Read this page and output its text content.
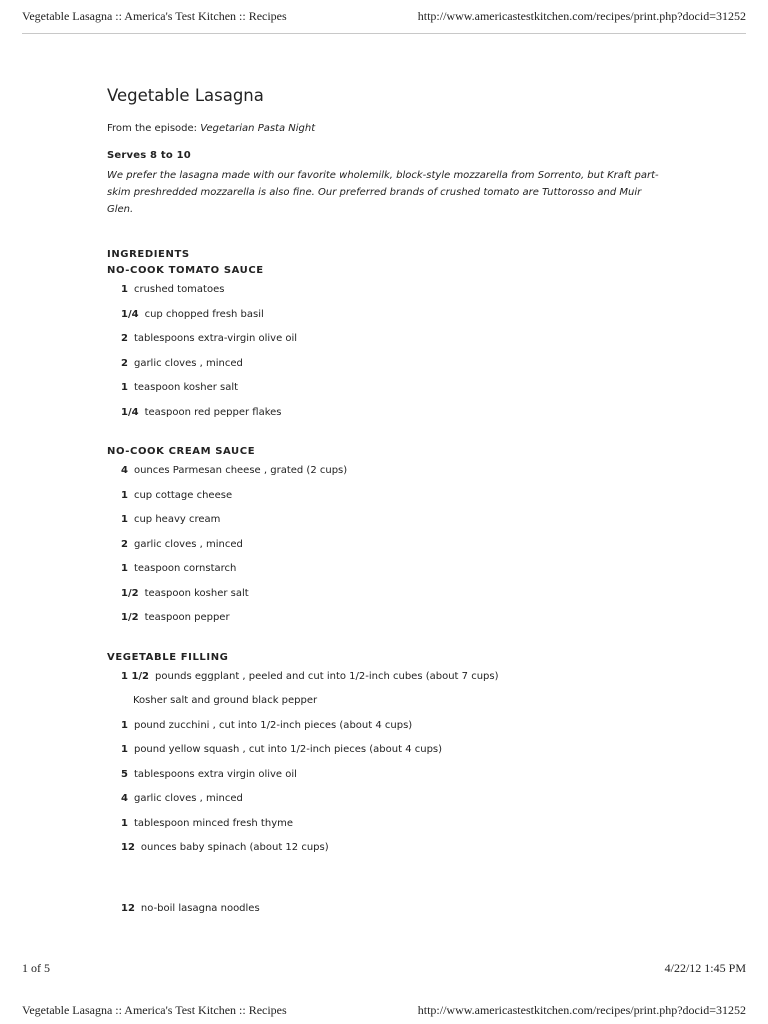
Vegetable Lasagna :: America's Test Kitchen :: Recipes	http://www.americastestkitchen.com/recipes/print.php?docid=31252
Vegetable Lasagna
From the episode: Vegetarian Pasta Night
Serves 8 to 10
We prefer the lasagna made with our favorite wholemilk, block-style mozzarella from Sorrento, but Kraft part-skim preshredded mozzarella is also fine. Our preferred brands of crushed tomato are Tuttorosso and Muir Glen.
INGREDIENTS
NO-COOK TOMATO SAUCE
1 crushed tomatoes
1/4 cup chopped fresh basil
2 tablespoons extra-virgin olive oil
2 garlic cloves , minced
1 teaspoon kosher salt
1/4 teaspoon red pepper flakes
NO-COOK CREAM SAUCE
4 ounces Parmesan cheese , grated (2 cups)
1 cup cottage cheese
1 cup heavy cream
2 garlic cloves , minced
1 teaspoon cornstarch
1/2 teaspoon kosher salt
1/2 teaspoon pepper
VEGETABLE FILLING
1 1/2 pounds eggplant , peeled and cut into 1/2-inch cubes (about 7 cups)
Kosher salt and ground black pepper
1 pound zucchini , cut into 1/2-inch pieces (about 4 cups)
1 pound yellow squash , cut into 1/2-inch pieces (about 4 cups)
5 tablespoons extra virgin olive oil
4 garlic cloves , minced
1 tablespoon minced fresh thyme
12 ounces baby spinach (about 12 cups)
12 no-boil lasagna noodles
1 of 5	4/22/12 1:45 PM
Vegetable Lasagna :: America's Test Kitchen :: Recipes	http://www.americastestkitchen.com/recipes/print.php?docid=31252
